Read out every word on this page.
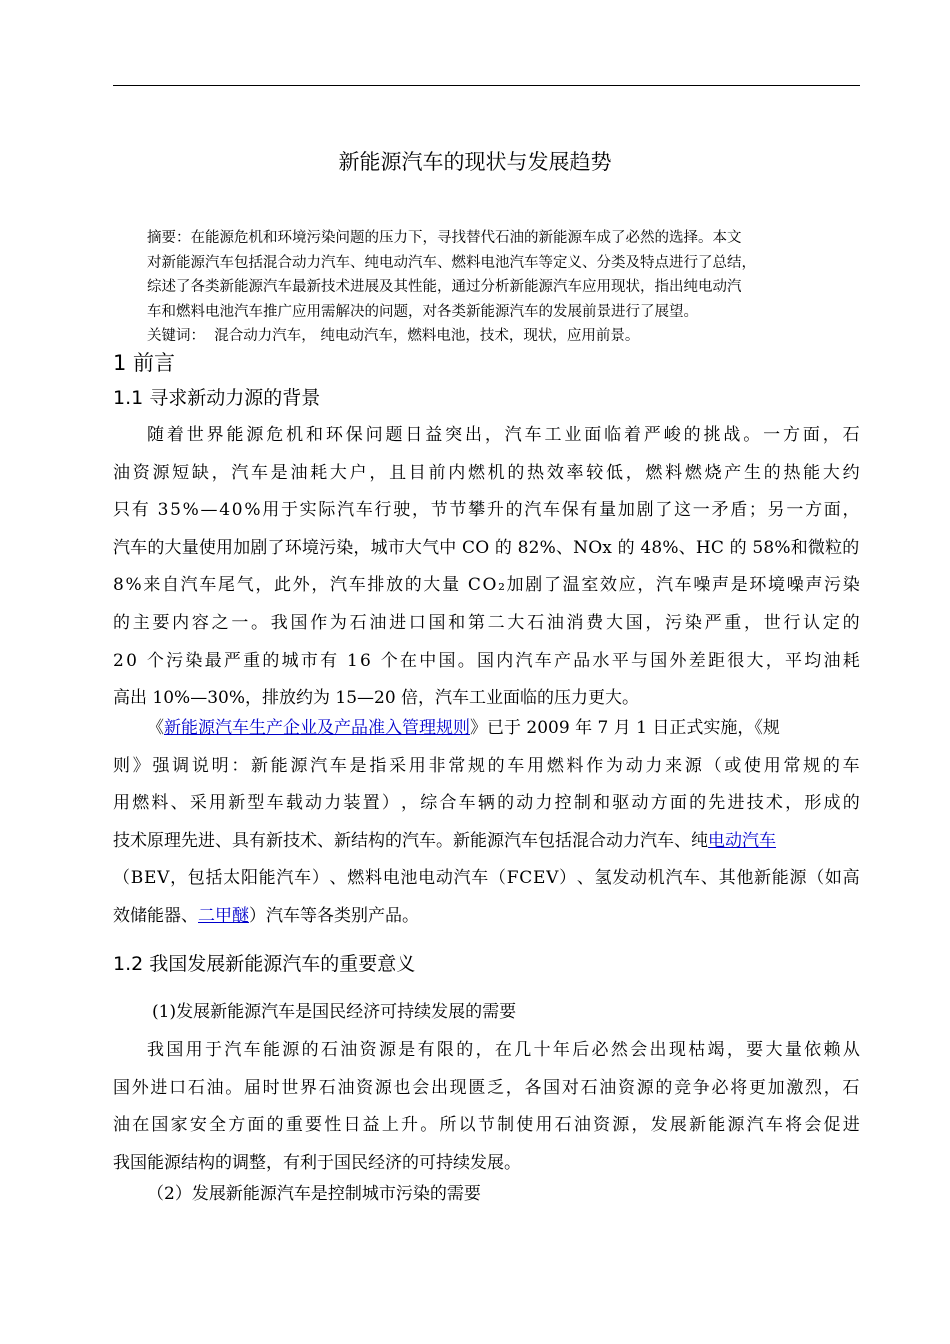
新能源汽车的现状与发展趋势
摘要：在能源危机和环境污染问题的压力下，寻找替代石油的新能源车成了必然的选择。本文
对新能源汽车包括混合动力汽车、纯电动汽车、燃料电池汽车等定义、分类及特点进行了总结，
综述了各类新能源汽车最新技术进展及其性能，通过分析新能源汽车应用现状，指出纯电动汽
车和燃料电池汽车推广应用需解决的问题，对各类新能源汽车的发展前景进行了展望。
关键词： 混合动力汽车， 纯电动汽车，燃料电池，技术，现状，应用前景。
1 前言
1.1 寻求新动力源的背景
随 着 世 界 能 源 危 机 和 环 保 问 题 日 益 突 出 ， 汽 车 工 业 面 临 着 严 峻 的 挑 战 。 一 方 面 ， 石
油 资 源 短 缺 ， 汽 车 是 油 耗 大 户 ， 且 目 前 内 燃 机 的 热 效 率 较 低 ， 燃 料 燃 烧 产 生 的 热 能 大 约
只 有
3 5 % — 4 0 % 用 于 实 际 汽 车 行 驶 ， 节 节 攀 升 的 汽 车 保 有 量 加 剧 了 这 一 矛 盾 ； 另 一 方 面 ，
汽 车 的 大 量 使 用 加 剧 了 环 境 污 染 ， 城 市 大 气 中
C O
的
8 2 % 、 N O x
的
4 8 % 、 H C
的
5 8 % 和 微 粒 的
8 % 来 自 汽 车 尾 气 ， 此 外 ， 汽 车 排 放 的 大 量
C O ₂ 加 剧 了 温 室 效 应 ， 汽 车 噪 声 是 环 境 噪 声 污 染
的 主 要 内 容 之 一 。 我 国 作 为 石 油 进 口 国 和 第 二 大 石 油 消 费 大 国 ， 污 染 严 重 ， 世 行 认 定 的
2 0
个 污 染 最 严 重 的 城 市 有
1 6
个 在 中 国 。 国 内 汽 车 产 品 水 平 与 国 外 差 距 很 大 ， 平 均 油 耗
高出 10%—30%，排放约为 15—20 倍，汽车工业面临的压力更大。
《 新能源汽车生产企业及产品准入管理规则 》已于 2009 年 7 月 1 日正式实施，《规
则 》 强 调 说 明 ： 新 能 源 汽 车 是 指 采 用 非 常 规 的 车 用 燃 料 作 为 动 力 来 源 （ 或 使 用 常 规 的 车
用 燃 料 、 采 用 新 型 车 载 动 力 装 置 ） ， 综 合 车 辆 的 动 力 控 制 和 驱 动 方 面 的 先 进 技 术 ， 形 成 的
技术原理先进、具有新技术、新结构的汽车。新能源汽车包括混合动力汽车、纯 电动汽车
（ B E V ， 包 括 太 阳 能 汽 车 ） 、 燃 料 电 池 电 动 汽 车 （ F C E V ） 、 氢 发 动 机 汽 车 、 其 他 新 能 源 （ 如 高
效储能器、 二甲醚 ）汽车等各类别产品。
1.2 我国发展新能源汽车的重要意义
(1)发展新能源汽车是国民经济可持续发展的需要
我 国 用 于 汽 车 能 源 的 石 油 资 源 是 有 限 的 ， 在 几 十 年 后 必 然 会 出 现 枯 竭 ， 要 大 量 依 赖 从
国 外 进 口 石 油 。 届 时 世 界 石 油 资 源 也 会 出 现 匮 乏 ， 各 国 对 石 油 资 源 的 竞 争 必 将 更 加 激 烈 ， 石
油 在 国 家 安 全 方 面 的 重 要 性 日 益 上 升 。 所 以 节 制 使 用 石 油 资 源 ， 发 展 新 能 源 汽 车 将 会 促 进
我国能源结构的调整，有利于国民经济的可持续发展。
（2）发展新能源汽车是控制城市污染的需要
